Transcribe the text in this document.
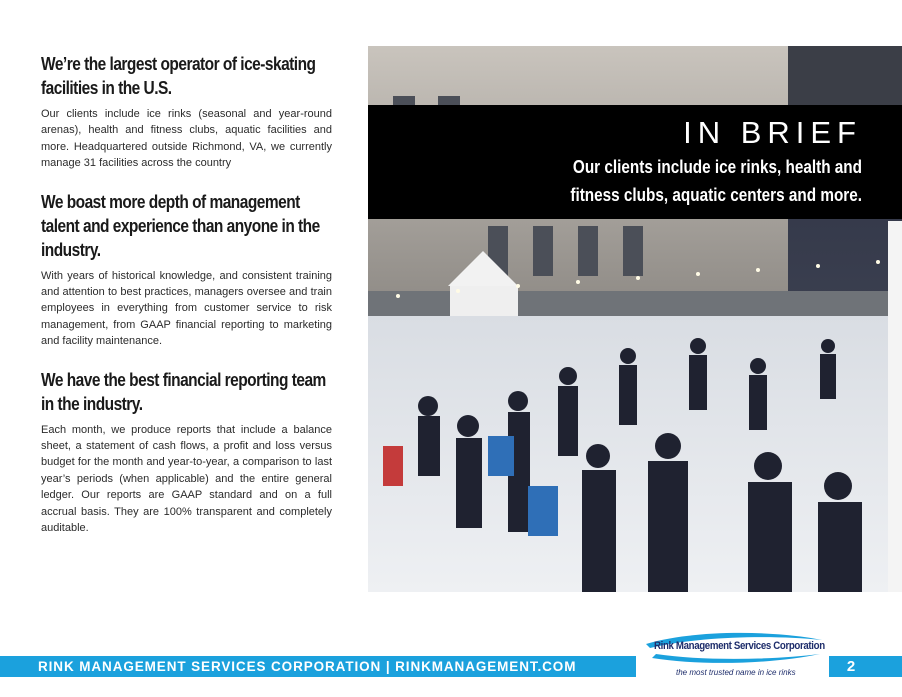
We’re the largest operator of ice-skating facilities in the U.S.

Our clients include ice rinks (seasonal and year-round arenas), health and fitness clubs, aquatic facilities and more. Headquartered outside Richmond, VA, we currently manage 31 facilities across the country

We boast more depth of management talent and experience than anyone in the industry.

With years of historical knowledge, and consistent training and attention to best practices, managers oversee and train employees in everything from customer service to risk management, from GAAP financial reporting to marketing and facility maintenance.

We have the best financial reporting team in the industry.

Each month, we produce reports that include a balance sheet, a statement of cash flows, a profit and loss versus budget for the month and year-to-year, a comparison to last year’s periods (when applicable) and the entire general ledger. Our reports are GAAP standard and on a full accrual basis. They are 100% transparent and completely auditable.

IN BRIEF
Our clients include ice rinks, health and fitness clubs, aquatic centers and more.
RINK MANAGEMENT SERVICES CORPORATION | RINKMANAGEMENT.COM
Rink Management Services Corporation
the most trusted name in ice rinks	2
